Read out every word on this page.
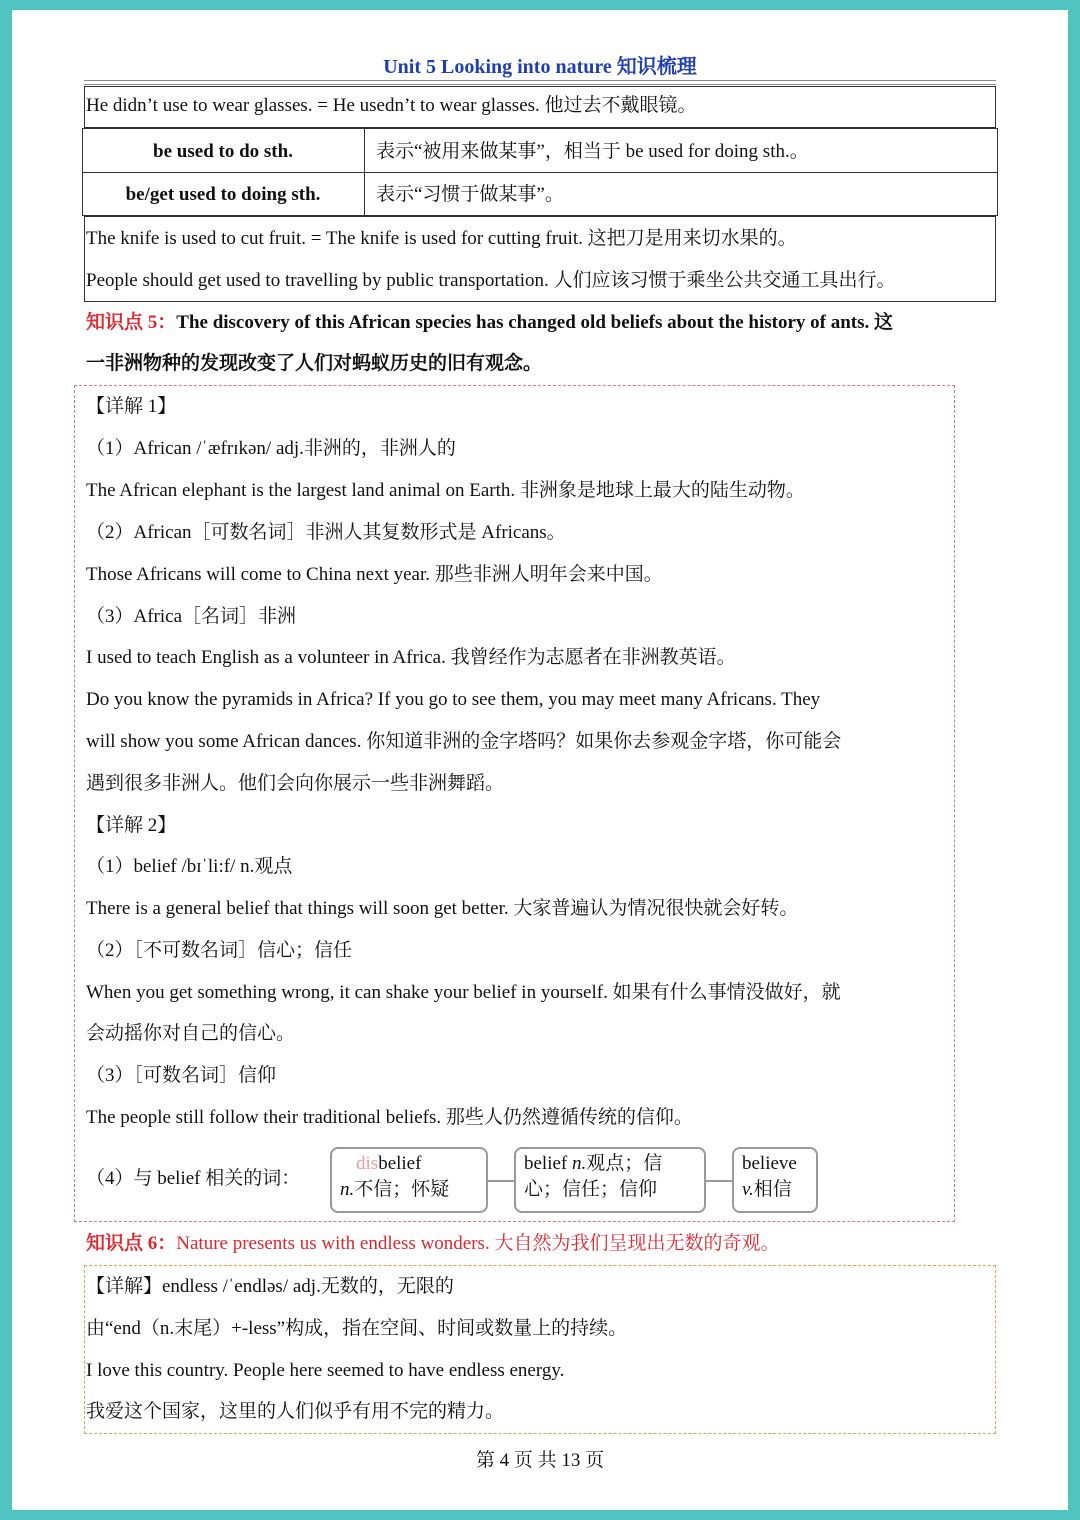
Unit 5 Looking into nature 知识梳理
He didn’t use to wear glasses. = He usedn’t to wear glasses. 他过去不戴眼镜。
be used to do sth.	表示“被用来做某事”，相当于 be used for doing sth.。
be/get used to doing sth.	表示“习惯于做某事”。
The knife is used to cut fruit. = The knife is used for cutting fruit. 这把刀是用来切水果的。
People should get used to travelling by public transportation. 人们应该习惯于乘坐公共交通工具出行。
知识点 5：The discovery of this African species has changed old beliefs about the history of ants. 这
一非洲物种的发现改变了人们对蚂蚁历史的旧有观念。
【详解 1】
（1）African /ˈæfrɪkən/ adj.非洲的，非洲人的
The African elephant is the largest land animal on Earth. 非洲象是地球上最大的陆生动物。
（2）African［可数名词］非洲人其复数形式是 Africans。
Those Africans will come to China next year. 那些非洲人明年会来中国。
（3）Africa［名词］非洲
I used to teach English as a volunteer in Africa. 我曾经作为志愿者在非洲教英语。
Do you know the pyramids in Africa? If you go to see them, you may meet many Africans. They
will show you some African dances. 你知道非洲的金字塔吗？如果你去参观金字塔，你可能会
遇到很多非洲人。他们会向你展示一些非洲舞蹈。
【详解 2】
（1）belief /bɪˈli:f/ n.观点
There is a general belief that things will soon get better. 大家普遍认为情况很快就会好转。
（2）［不可数名词］信心；信任
When you get something wrong, it can shake your belief in yourself. 如果有什么事情没做好，就
会动摇你对自己的信心。
（3）［可数名词］信仰
The people still follow their traditional beliefs. 那些人仍然遵循传统的信仰。
（4）与 belief 相关的词：
disbelief
n.不信；怀疑
belief n.观点；信
心；信任；信仰
believe
v.相信
知识点 6：Nature presents us with endless wonders. 大自然为我们呈现出无数的奇观。
【详解】endless /ˈendləs/ adj.无数的，无限的
由“end（n.末尾）+-less”构成，指在空间、时间或数量上的持续。
I love this country. People here seemed to have endless energy.
我爱这个国家，这里的人们似乎有用不完的精力。
第 4 页 共 13 页
